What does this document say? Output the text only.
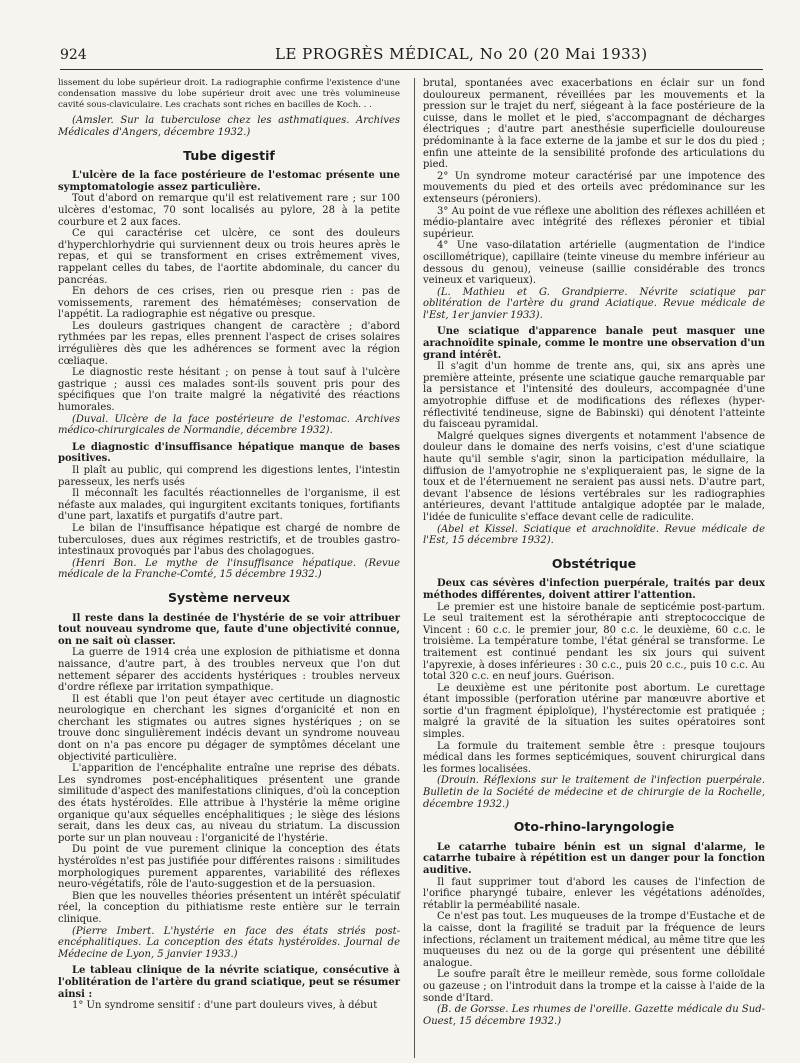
924	LE PROGRÈS MÉDICAL, No 20 (20 Mai 1933)

lissement du lobe supérieur droit. La radiographie confirme l'existence d'une condensation massive du lobe supérieur droit avec une très volumineuse cavité sous-claviculaire. Les crachats sont riches en bacilles de Koch. . .

(Amsler. Sur la tuberculose chez les asthmatiques. Archives Médicales d'Angers, décembre 1932.)

Tube digestif

L'ulcère de la face postérieure de l'estomac présente une symptomatologie assez particulière.

Tout d'abord on remarque qu'il est relativement rare ; sur 100 ulcères d'estomac, 70 sont localisés au pylore, 28 à la petite courbure et 2 aux faces.

Ce qui caractérise cet ulcère, ce sont des douleurs d'hyperchlorhydrie qui surviennent deux ou trois heures après le repas, et qui se transforment en crises extrêmement vives, rappelant celles du tabes, de l'aortite abdominale, du cancer du pancréas.

En dehors de ces crises, rien ou presque rien : pas de vomissements, rarement des hématémèses; conservation de l'appétit. La radiographie est négative ou presque.

Les douleurs gastriques changent de caractère ; d'abord rythmées par les repas, elles prennent l'aspect de crises solaires irrégulières dès que les adhérences se forment avec la région cœliaque.

Le diagnostic reste hésitant ; on pense à tout sauf à l'ulcère gastrique ; aussi ces malades sont-ils souvent pris pour des spécifiques que l'on traite malgré la négativité des réactions humorales.

(Duval. Ulcère de la face postérieure de l'estomac. Archives médico-chirurgicales de Normandie, décembre 1932).

Le diagnostic d'insuffisance hépatique manque de bases positives.

Il plaît au public, qui comprend les digestions lentes, l'intestin paresseux, les nerfs usés

Il méconnaît les facultés réactionnelles de l'organisme, il est néfaste aux malades, qui ingurgitent excitants toniques, fortifiants d'une part, laxatifs et purgatifs d'autre part.

Le bilan de l'insuffisance hépatique est chargé de nombre de tuberculoses, dues aux régimes restrictifs, et de troubles gastro-intestinaux provoqués par l'abus des cholagogues.

(Henri Bon. Le mythe de l'insuffisance hépatique. (Revue médicale de la Franche-Comté, 15 décembre 1932.)

Système nerveux

Il reste dans la destinée de l'hystérie de se voir attribuer tout nouveau syndrome que, faute d'une objectivité connue, on ne sait où classer.

La guerre de 1914 créa une explosion de pithiatisme et donna naissance, d'autre part, à des troubles nerveux que l'on dut nettement séparer des accidents hystériques : troubles nerveux d'ordre réflexe par irritation sympathique.

Il est établi que l'on peut étayer avec certitude un diagnostic neurologique en cherchant les signes d'organicité et non en cherchant les stigmates ou autres signes hystériques ; on se trouve donc singulièrement indécis devant un syndrome nouveau dont on n'a pas encore pu dégager de symptômes décelant une objectivité particulière.

L'apparition de l'encéphalite entraîne une reprise des débats. Les syndromes post-encéphalitiques présentent une grande similitude d'aspect des manifestations cliniques, d'où la conception des états hystéroïdes. Elle attribue à l'hystérie la même origine organique qu'aux séquelles encéphalitiques ; le siège des lésions serait, dans les deux cas, au niveau du striatum. La discussion porte sur un plan nouveau : l'organicité de l'hystérie.

Du point de vue purement clinique la conception des états hystéroïdes n'est pas justifiée pour différentes raisons : similitudes morphologiques purement apparentes, variabilité des réflexes neuro-végétatifs, rôle de l'auto-suggestion et de la persuasion.

Bien que les nouvelles théories présentent un intérêt spéculatif réel, la conception du pithiatisme reste entière sur le terrain clinique.

(Pierre Imbert. L'hystérie en face des états striés post-encéphalitiques. La conception des états hystéroïdes. Journal de Médecine de Lyon, 5 janvier 1933.)

Le tableau clinique de la névrite sciatique, consécutive à l'oblitération de l'artère du grand sciatique, peut se résumer ainsi :

1° Un syndrome sensitif : d'une part douleurs vives, à début

brutal, spontanées avec exacerbations en éclair sur un fond douloureux permanent, réveillées par les mouvements et la pression sur le trajet du nerf, siégeant à la face postérieure de la cuisse, dans le mollet et le pied, s'accompagnant de décharges électriques ; d'autre part anesthésie superficielle douloureuse prédominante à la face externe de la jambe et sur le dos du pied ; enfin une atteinte de la sensibilité profonde des articulations du pied.

2° Un syndrome moteur caractérisé par une impotence des mouvements du pied et des orteils avec prédominance sur les extenseurs (péroniers).

3° Au point de vue réflexe une abolition des réflexes achilléen et médio-plantaire avec intégrité des réflexes péronier et tibial supérieur.

4° Une vaso-dilatation artérielle (augmentation de l'indice oscillométrique), capillaire (teinte vineuse du membre inférieur au dessous du genou), veineuse (saillie considérable des troncs veineux et variqueux).

(L. Mathieu et G. Grandpierre. Névrite sciatique par oblitération de l'artère du grand Aciatique. Revue médicale de l'Est, 1er janvier 1933).

Une sciatique d'apparence banale peut masquer une arachnoïdite spinale, comme le montre une observation d'un grand intérêt.

Il s'agit d'un homme de trente ans, qui, six ans après une première atteinte, présente une sciatique gauche remarquable par la persistance et l'intensité des douleurs, accompagnée d'une amyotrophie diffuse et de modifications des réflexes (hyper-réflectivité tendineuse, signe de Babinski) qui dénotent l'atteinte du faisceau pyramidal.

Malgré quelques signes divergents et notamment l'absence de douleur dans le domaine des nerfs voisins, c'est d'une sciatique haute qu'il semble s'agir, sinon la participation médullaire, la diffusion de l'amyotrophie ne s'expliqueraient pas, le signe de la toux et de l'éternuement ne seraient pas aussi nets. D'autre part, devant l'absence de lésions vertébrales sur les radiographies antérieures, devant l'attitude antalgique adoptée par le malade, l'idée de funiculite s'efface devant celle de radiculite.

(Abel et Kissel. Sciatique et arachnoïdite. Revue médicale de l'Est, 15 décembre 1932).

Obstétrique

Deux cas sévères d'infection puerpérale, traités par deux méthodes différentes, doivent attirer l'attention.

Le premier est une histoire banale de septicémie post-partum. Le seul traitement est la sérothérapie anti streptococcique de Vincent : 60 c.c. le premier jour, 80 c.c. le deuxième, 60 c.c. le troisième. La température tombe, l'état général se transforme. Le traitement est continué pendant les six jours qui suivent l'apyrexie, à doses inférieures : 30 c.c., puis 20 c.c., puis 10 c.c. Au total 320 c.c. en neuf jours. Guérison.

Le deuxième est une péritonite post abortum. Le curettage étant impossible (perforation utérine par manœuvre abortive et sortie d'un fragment épiploïque), l'hystérectomie est pratiquée ; malgré la gravité de la situation les suites opératoires sont simples.

La formule du traitement semble être : presque toujours médical dans les formes septicémiques, souvent chirurgical dans les formes localisées.

(Drouin. Réflexions sur le traitement de l'infection puerpérale. Bulletin de la Société de médecine et de chirurgie de la Rochelle, décembre 1932.)

Oto-rhino-laryngologie

Le catarrhe tubaire bénin est un signal d'alarme, le catarrhe tubaire à répétition est un danger pour la fonction auditive.

Il faut supprimer tout d'abord les causes de l'infection de l'orifice pharyngé tubaire, enlever les végétations adénoïdes, rétablir la perméabilité nasale.

Ce n'est pas tout. Les muqueuses de la trompe d'Eustache et de la caisse, dont la fragilité se traduit par la fréquence de leurs infections, réclament un traitement médical, au même titre que les muqueuses du nez ou de la gorge qui présentent une débilité analogue.

Le soufre paraît être le meilleur remède, sous forme colloïdale ou gazeuse ; on l'introduit dans la trompe et la caisse à l'aide de la sonde d'Itard.

(B. de Gorsse. Les rhumes de l'oreille. Gazette médicale du Sud-Ouest, 15 décembre 1932.)
